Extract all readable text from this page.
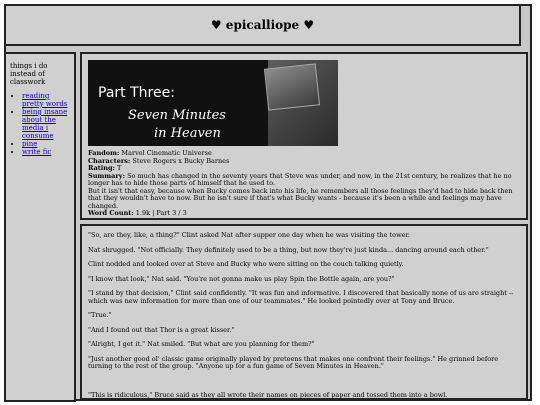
♥ epicalliope ♥
things i do instead of classwork
• reading pretty words
• being insane about the media i consume
• pine
• write fic
Part Three:
Seven Minutes
in Heaven
Fandom: Marvel Cinematic Universe
Characters: Steve Rogers x Bucky Barnes
Rating: T
Summary: So much has changed in the seventy years that Steve was under, and now, in the 21st century, he realizes that he no longer has to hide those parts of himself that he used to.
But it isn't that easy, because when Bucky comes back into his life, he remembers all those feelings they'd had to hide back then that they wouldn't have to now. But he isn't sure if that's what Bucky wants - because it's been a while and feelings may have changed.
Word Count: 1.9k | Part 3 / 3

"So, are they, like, a thing?" Clint asked Nat after supper one day when he was visiting the tower.

Nat shrugged. "Not officially. They definitely used to be a thing, but now they're just kinda... dancing around each other."

Clint nodded and looked over at Steve and Bucky who were sitting on the couch talking quietly.

"I know that look," Nat said. "You're not gonna make us play Spin the Bottle again, are you?"

"I stand by that decision," Clint said confidently. "It was fun and informative. I discovered that basically none of us are straight -- which was new information for more than one of our teammates." He looked pointedly over at Tony and Bruce.

"True."

"And I found out that Thor is a great kisser."

"Alright, I get it." Nat smiled. "But what are you planning for them?"

"Just another good ol' classic game originally played by preteens that makes one confront their feelings." He grinned before turning to the rest of the group. "Anyone up for a fun game of Seven Minutes in Heaven."

"This is ridiculous," Bruce said as they all wrote their names on pieces of paper and tossed them into a bowl.
